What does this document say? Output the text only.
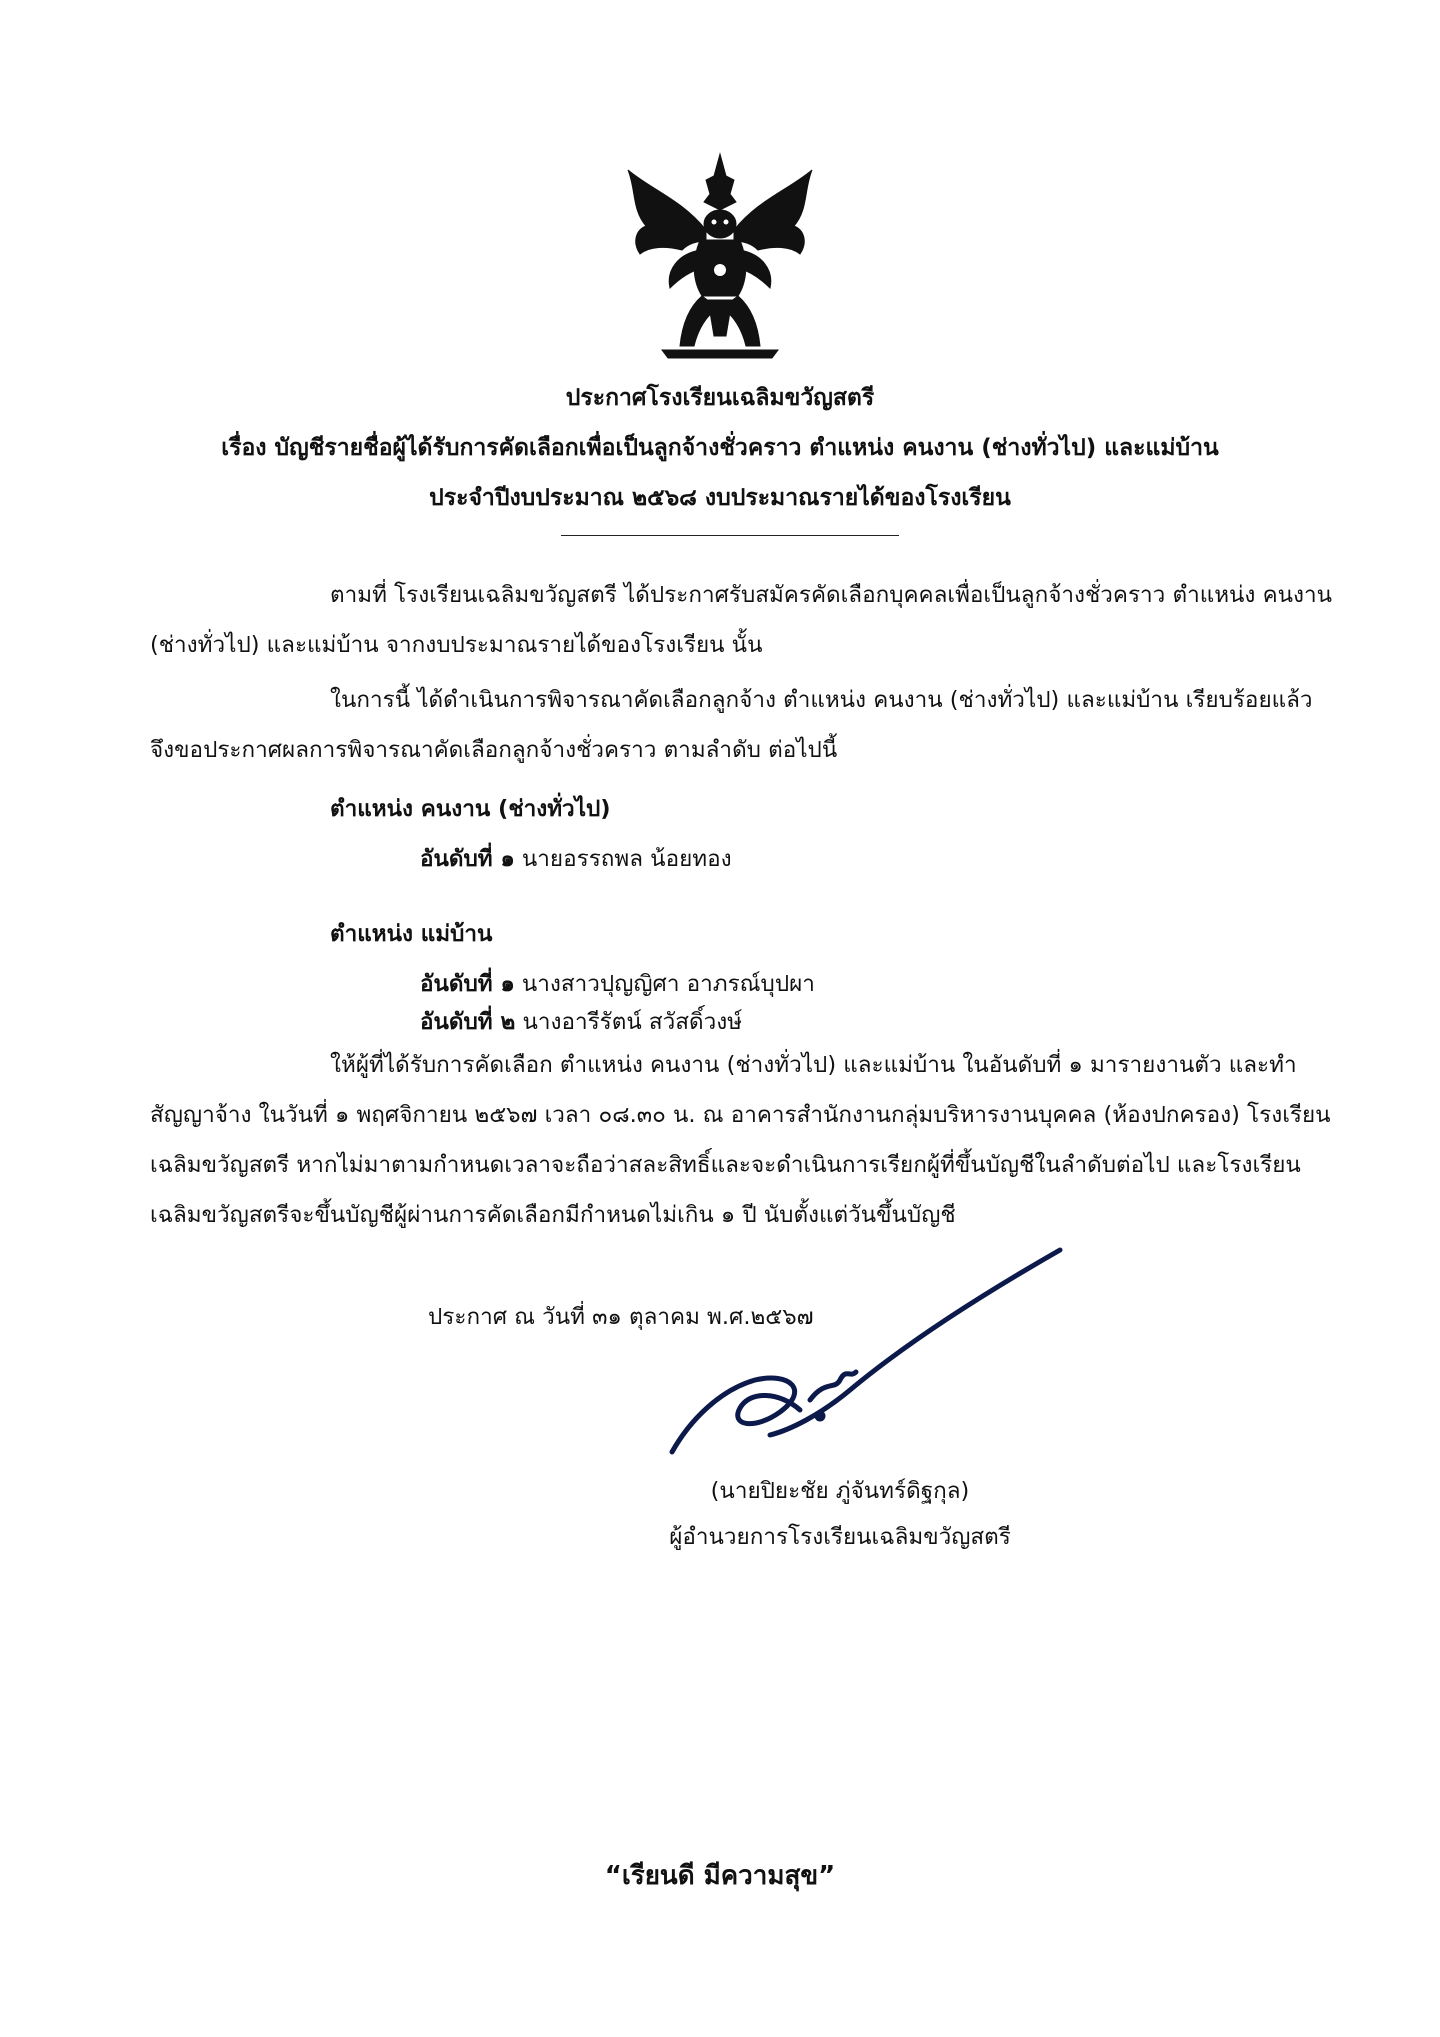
ประกาศโรงเรียนเฉลิมขวัญสตรี
เรื่อง บัญชีรายชื่อผู้ได้รับการคัดเลือกเพื่อเป็นลูกจ้างชั่วคราว ตำแหน่ง คนงาน (ช่างทั่วไป) และแม่บ้าน
ประจำปีงบประมาณ ๒๕๖๘ งบประมาณรายได้ของโรงเรียน
ตามที่ โรงเรียนเฉลิมขวัญสตรี ได้ประกาศรับสมัครคัดเลือกบุคคลเพื่อเป็นลูกจ้างชั่วคราว ตำแหน่ง คนงาน (ช่างทั่วไป) และแม่บ้าน จากงบประมาณรายได้ของโรงเรียน นั้น
ในการนี้ ได้ดำเนินการพิจารณาคัดเลือกลูกจ้าง ตำแหน่ง คนงาน (ช่างทั่วไป) และแม่บ้าน เรียบร้อยแล้ว จึงขอประกาศผลการพิจารณาคัดเลือกลูกจ้างชั่วคราว ตามลำดับ ต่อไปนี้
ตำแหน่ง คนงาน (ช่างทั่วไป)
อันดับที่ ๑ นายอรรถพล น้อยทอง
ตำแหน่ง แม่บ้าน
อันดับที่ ๑ นางสาวปุญญิศา อาภรณ์บุปผา
อันดับที่ ๒ นางอารีรัตน์ สวัสดิ์วงษ์
ให้ผู้ที่ได้รับการคัดเลือก ตำแหน่ง คนงาน (ช่างทั่วไป) และแม่บ้าน ในอันดับที่ ๑ มารายงานตัว และทำสัญญาจ้าง ในวันที่ ๑ พฤศจิกายน ๒๕๖๗ เวลา ๐๘.๓๐ น. ณ อาคารสำนักงานกลุ่มบริหารงานบุคคล (ห้องปกครอง) โรงเรียนเฉลิมขวัญสตรี หากไม่มาตามกำหนดเวลาจะถือว่าสละสิทธิ์และจะดำเนินการเรียกผู้ที่ขึ้นบัญชีในลำดับต่อไป และโรงเรียนเฉลิมขวัญสตรีจะขึ้นบัญชีผู้ผ่านการคัดเลือกมีกำหนดไม่เกิน ๑ ปี นับตั้งแต่วันขึ้นบัญชี
ประกาศ ณ วันที่ ๓๑ ตุลาคม พ.ศ.๒๕๖๗
(นายปิยะชัย ภู่จันทร์ดิฐกุล)
ผู้อำนวยการโรงเรียนเฉลิมขวัญสตรี
“เรียนดี มีความสุข”
